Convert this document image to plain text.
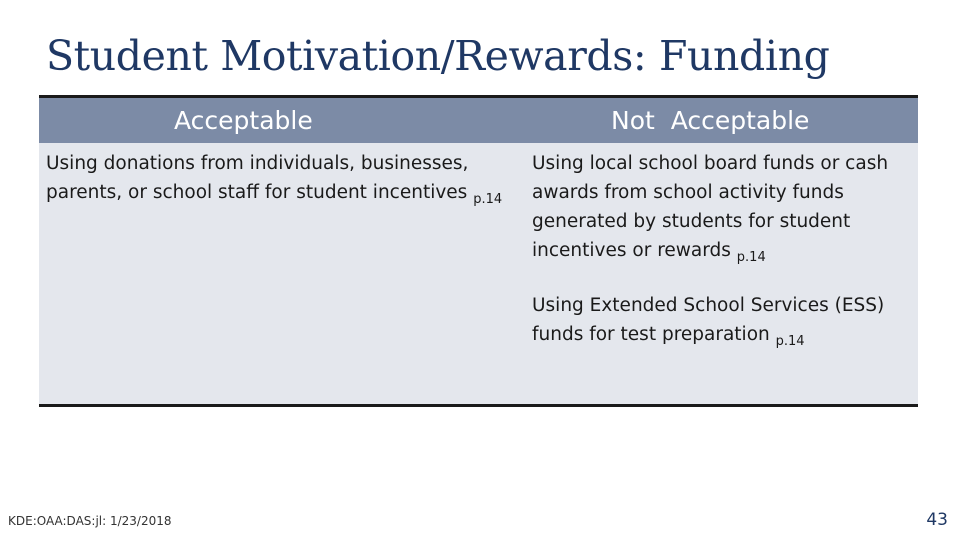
Student Motivation/Rewards: Funding
Acceptable	Not  Acceptable

Using donations from individuals, businesses, parents, or school staff for student incentives $_{p.14}$

Using local school board funds or cash awards from school activity funds generated by students for student incentives or rewards $_{p.14}$

Using Extended School Services (ESS) funds for test preparation $_{p.14}$

KDE:OAA:DAS:jl: 1/23/2018	43
